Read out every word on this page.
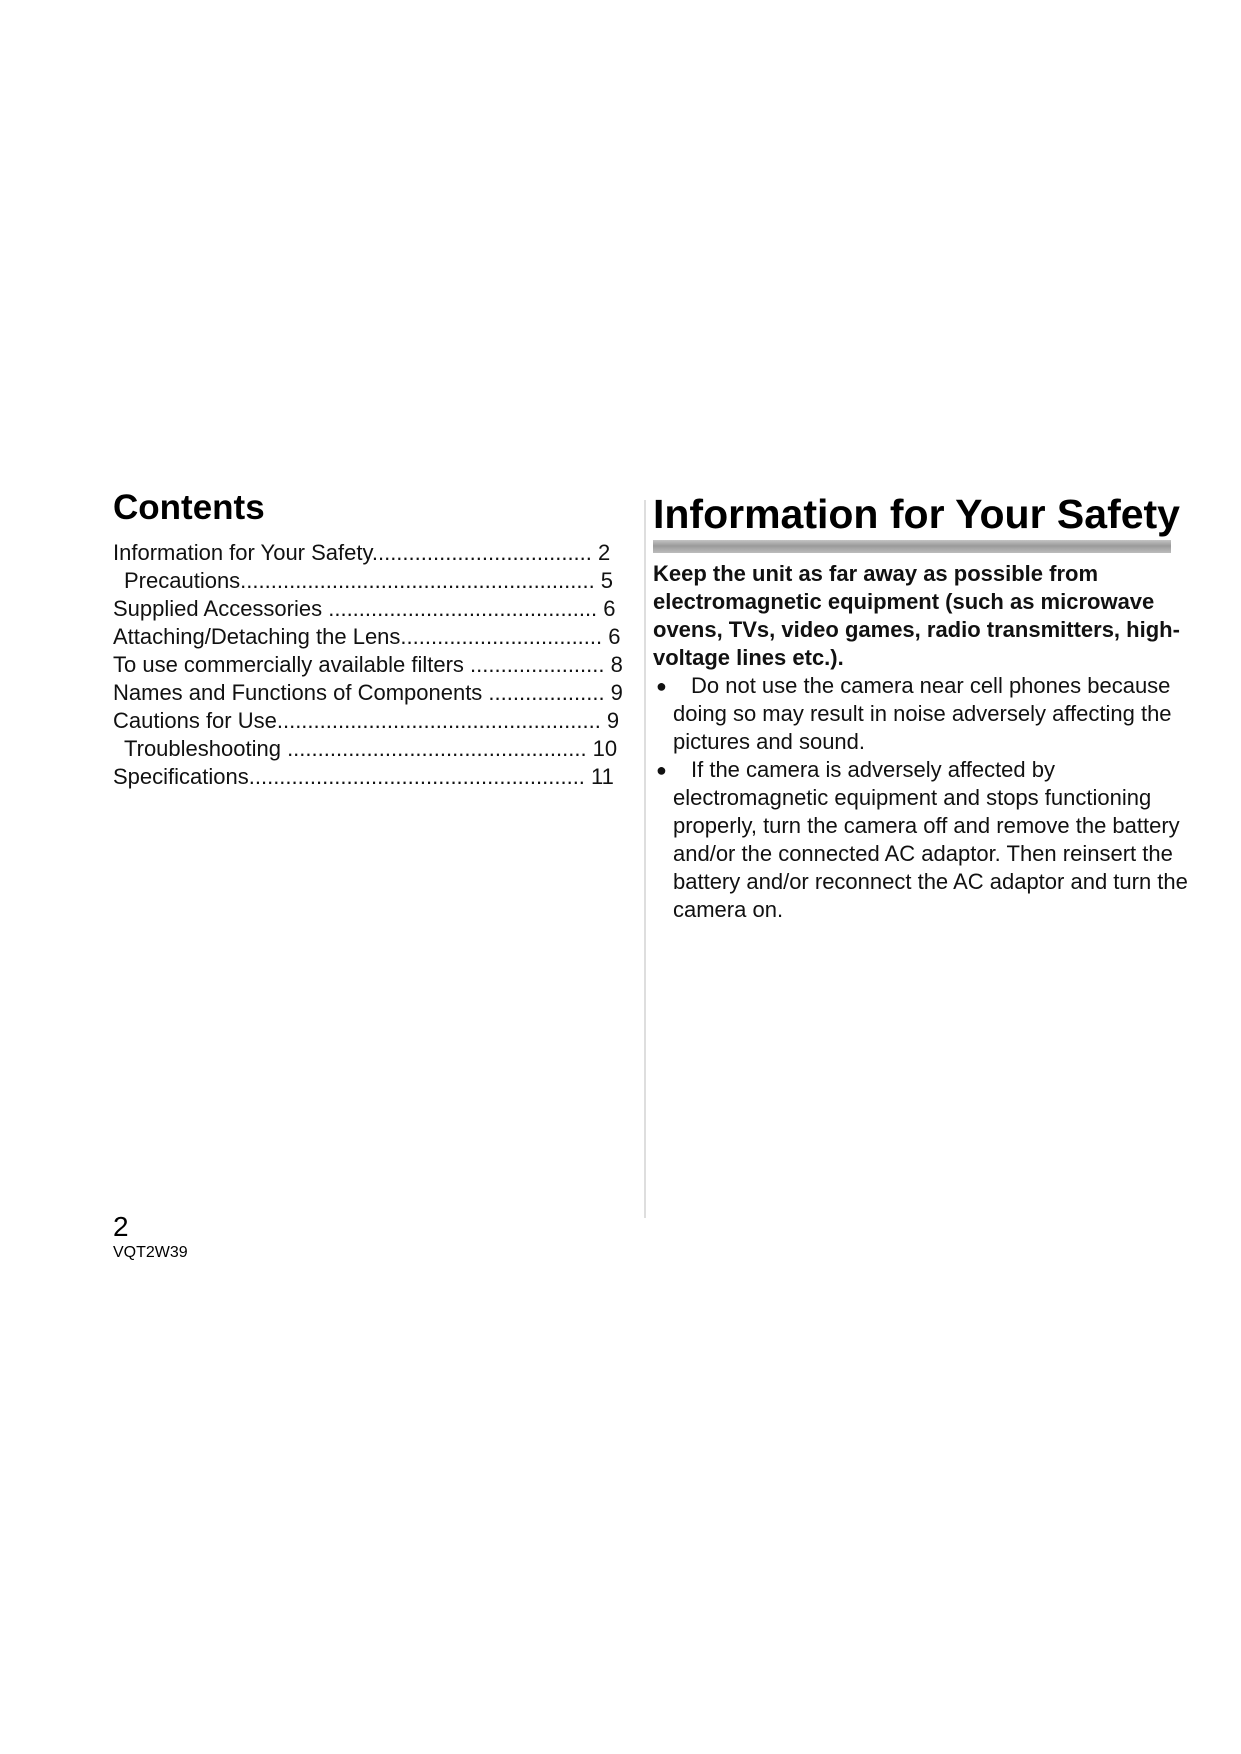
Contents
Information for Your Safety.................................... 2
Precautions.......................................................... 5
Supplied Accessories ............................................ 6
Attaching/Detaching the Lens................................. 6
To use commercially available filters ...................... 8
Names and Functions of Components ................... 9
Cautions for Use..................................................... 9
Troubleshooting ................................................. 10
Specifications....................................................... 11
Information for Your Safety

Keep the unit as far away as possible from electromagnetic equipment (such as microwave ovens, TVs, video games, radio transmitters, high-voltage lines etc.).

●	Do not use the camera near cell phones because doing so may result in noise adversely affecting the pictures and sound.
●	If the camera is adversely affected by electromagnetic equipment and stops functioning properly, turn the camera off and remove the battery and/or the connected AC adaptor. Then reinsert the battery and/or reconnect the AC adaptor and turn the camera on.
2
VQT2W39
